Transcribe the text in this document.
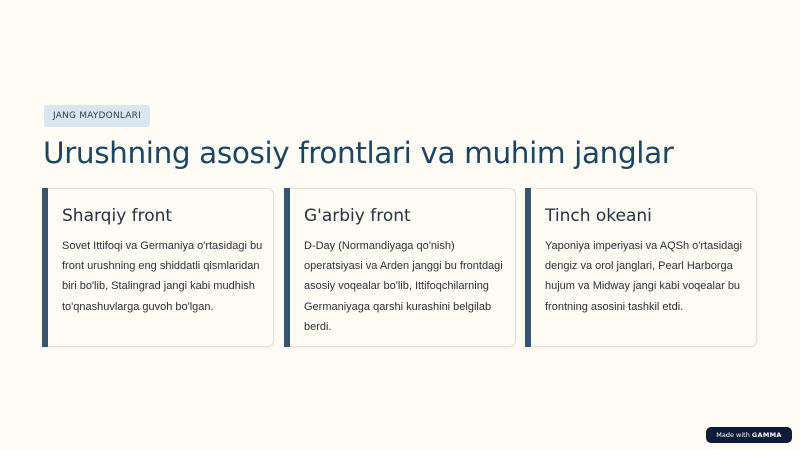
JANG MAYDONLARI
Urushning asosiy frontlari va muhim janglar
Sharqiy front

Sovet Ittifoqi va Germaniya o'rtasidagi bu front urushning eng shiddatli qismlaridan biri bo'lib, Stalingrad jangi kabi mudhish to'qnashuvlarga guvoh bo'lgan.

G'arbiy front

D-Day (Normandiyaga qo'nish) operatsiyasi va Arden janggi bu frontdagi asosiy voqealar bo'lib, Ittifoqchilarning Germaniyaga qarshi kurashini belgilab berdi.

Tinch okeani

Yaponiya imperiyasi va AQSh o'rtasidagi dengiz va orol janglari, Pearl Harborga hujum va Midway jangi kabi voqealar bu frontning asosini tashkil etdi.

Made with GAMMA
